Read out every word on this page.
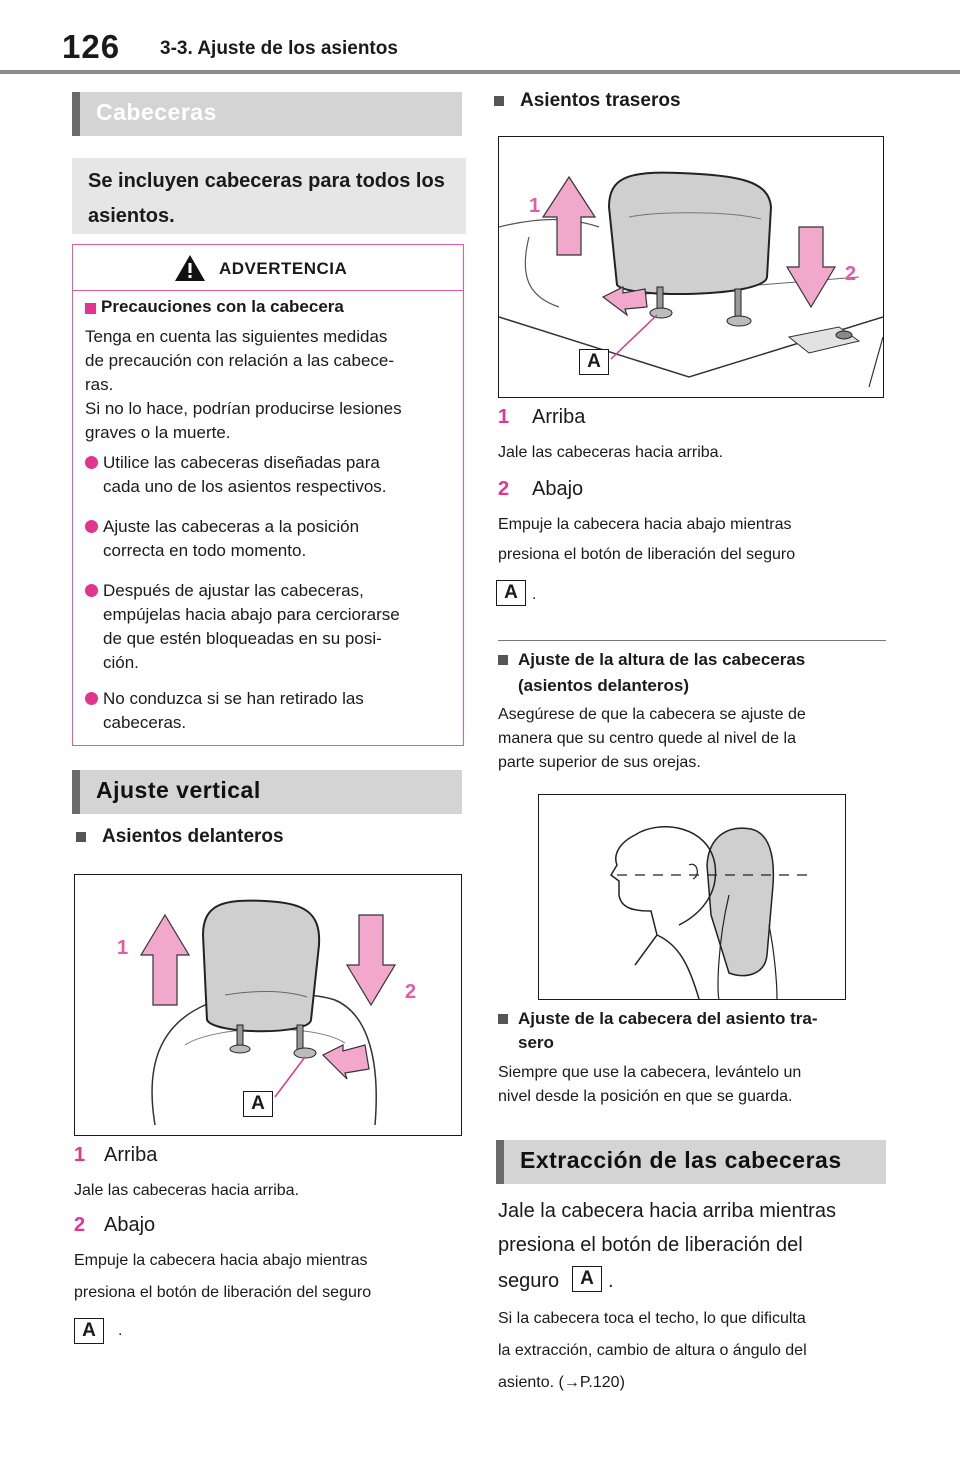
126 3-3. Ajuste de los asientos
Cabeceras
Se incluyen cabeceras para todos los asientos.
ADVERTENCIA
Precauciones con la cabecera
Tenga en cuenta las siguientes medidas
de precaución con relación a las cabece-
ras.
Si no lo hace, podrían producirse lesiones
graves o la muerte.
Utilice las cabeceras diseñadas para
cada uno de los asientos respectivos.
Ajuste las cabeceras a la posición
correcta en todo momento.
Después de ajustar las cabeceras,
empújelas hacia abajo para cerciorarse
de que estén bloqueadas en su posi-
ción.
No conduzca si se han retirado las
cabeceras.
Ajuste vertical
Asientos delanteros
1
2
A
1 Arriba
Jale las cabeceras hacia arriba.
2 Abajo
Empuje la cabecera hacia abajo mientras
presiona el botón de liberación del seguro
A	.
Asientos traseros
1
2
A
1 Arriba
Jale las cabeceras hacia arriba.
2 Abajo
Empuje la cabecera hacia abajo mientras
presiona el botón de liberación del seguro
A .
Ajuste de la altura de las cabeceras
(asientos delanteros)
Asegúrese de que la cabecera se ajuste de
manera que su centro quede al nivel de la
parte superior de sus orejas.
Ajuste de la cabecera del asiento tra-
sero
Siempre que use la cabecera, levántelo un
nivel desde la posición en que se guarda.
Extracción de las cabeceras
Jale la cabecera hacia arriba mientras
presiona el botón de liberación del
seguro	A .
Si la cabecera toca el techo, lo que dificulta
la extracción, cambio de altura o ángulo del
asiento. (→P.120)
